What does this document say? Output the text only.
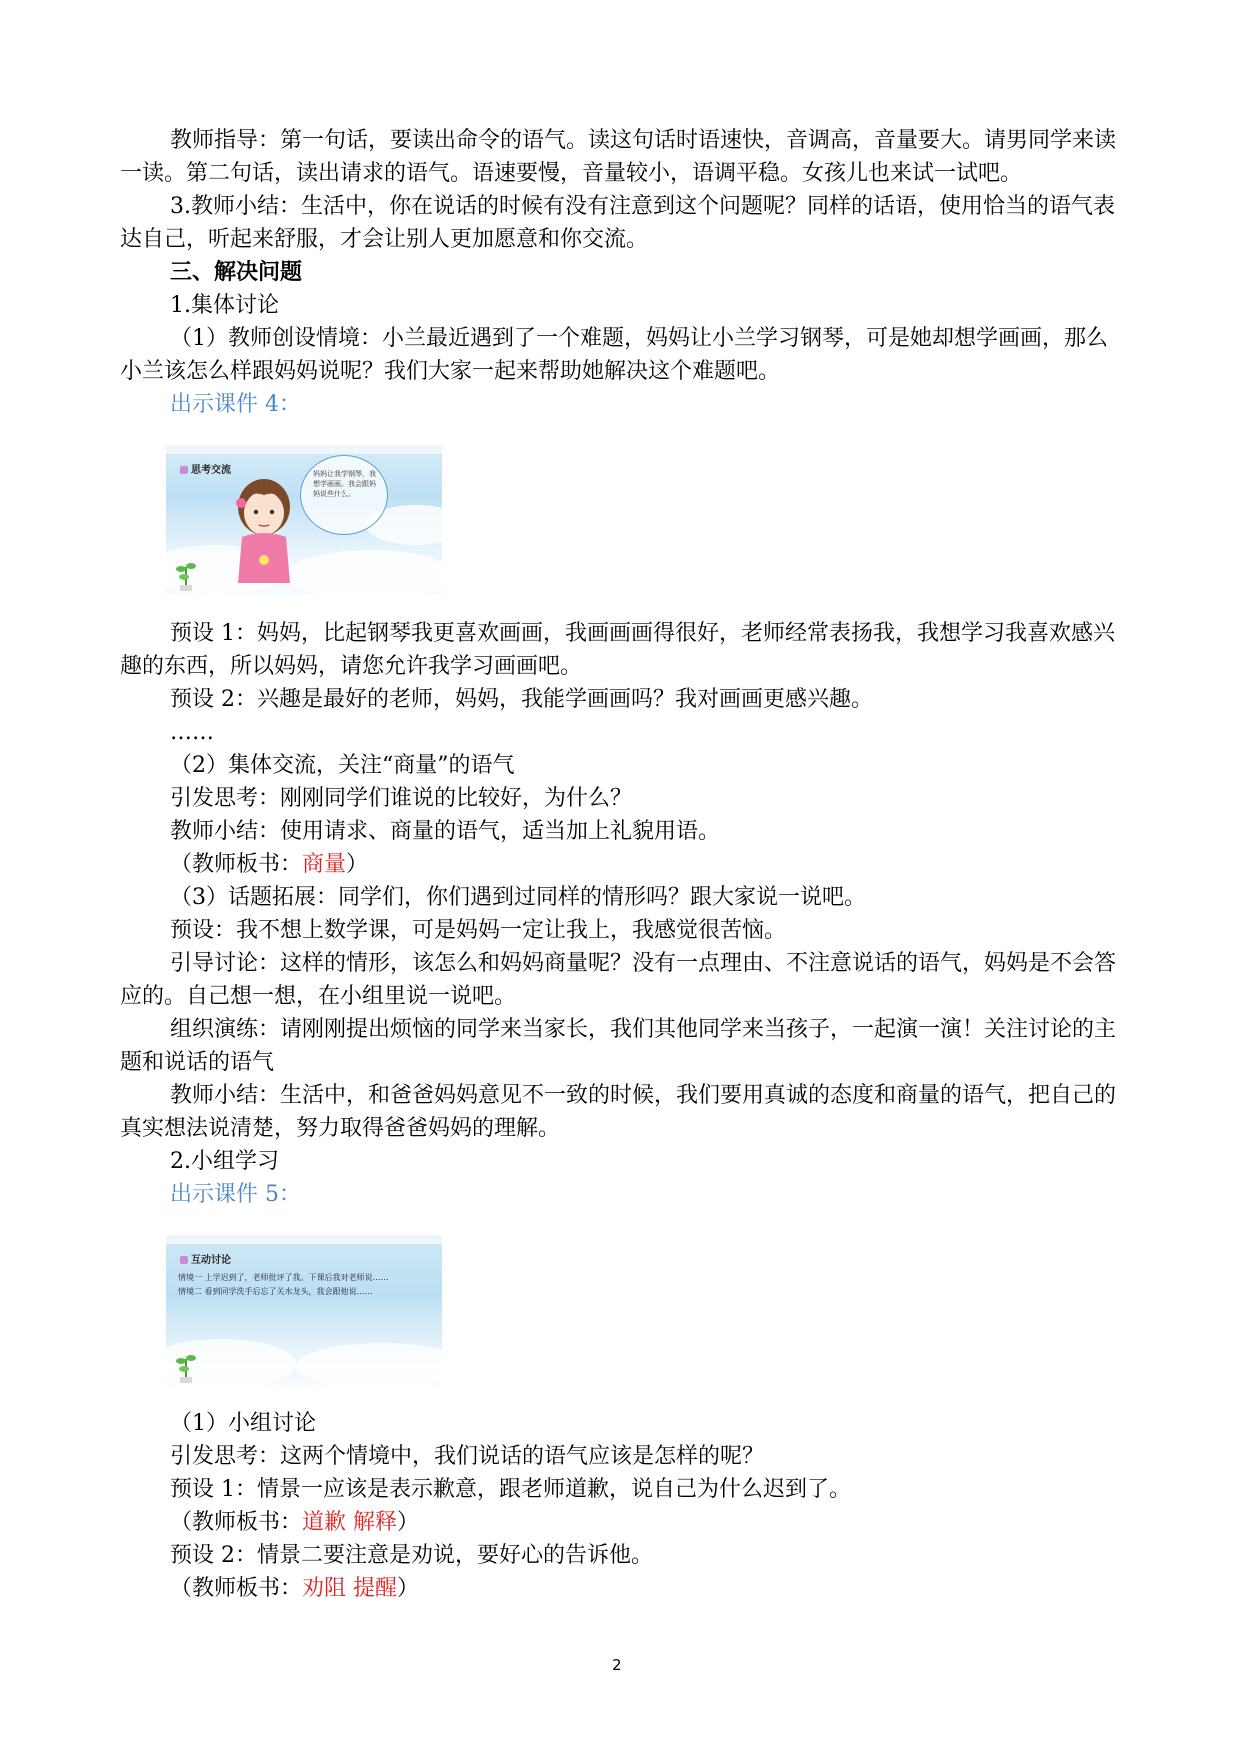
教师指导：第一句话，要读出命令的语气。读这句话时语速快，音调高，音量要大。请男同学来读一读。第二句话，读出请求的语气。语速要慢，音量较小，语调平稳。女孩儿也来试一试吧。

3.教师小结：生活中，你在说话的时候有没有注意到这个问题呢？同样的话语，使用恰当的语气表达自己，听起来舒服，才会让别人更加愿意和你交流。

三、解决问题

1.集体讨论

（1）教师创设情境：小兰最近遇到了一个难题，妈妈让小兰学习钢琴，可是她却想学画画，那么小兰该怎么样跟妈妈说呢？我们大家一起来帮助她解决这个难题吧。

出示课件 4：

思考交流	妈妈让我学钢琴，我想学画画。我会跟妈妈说些什么。

预设 1：妈妈，比起钢琴我更喜欢画画，我画画画得很好，老师经常表扬我，我想学习我喜欢感兴趣的东西，所以妈妈，请您允许我学习画画吧。

预设 2：兴趣是最好的老师，妈妈，我能学画画吗？我对画画更感兴趣。

……

（2）集体交流，关注“商量”的语气

引发思考：刚刚同学们谁说的比较好，为什么？

教师小结：使用请求、商量的语气，适当加上礼貌用语。

（教师板书：商量）

（3）话题拓展：同学们，你们遇到过同样的情形吗？跟大家说一说吧。

预设：我不想上数学课，可是妈妈一定让我上，我感觉很苦恼。

引导讨论：这样的情形，该怎么和妈妈商量呢？没有一点理由、不注意说话的语气，妈妈是不会答应的。自己想一想，在小组里说一说吧。

组织演练：请刚刚提出烦恼的同学来当家长，我们其他同学来当孩子，一起演一演！关注讨论的主题和说话的语气

教师小结：生活中，和爸爸妈妈意见不一致的时候，我们要用真诚的态度和商量的语气，把自己的真实想法说清楚，努力取得爸爸妈妈的理解。

2.小组学习

出示课件 5：

互动讨论
情境一 上学迟到了，老师批评了我。下课后我对老师说……
情境二 看到同学洗手后忘了关水龙头，我会跟他说……

（1）小组讨论

引发思考：这两个情境中，我们说话的语气应该是怎样的呢？

预设 1：情景一应该是表示歉意，跟老师道歉，说自己为什么迟到了。

（教师板书：道歉 解释）

预设 2：情景二要注意是劝说，要好心的告诉他。

（教师板书：劝阻 提醒）

2
